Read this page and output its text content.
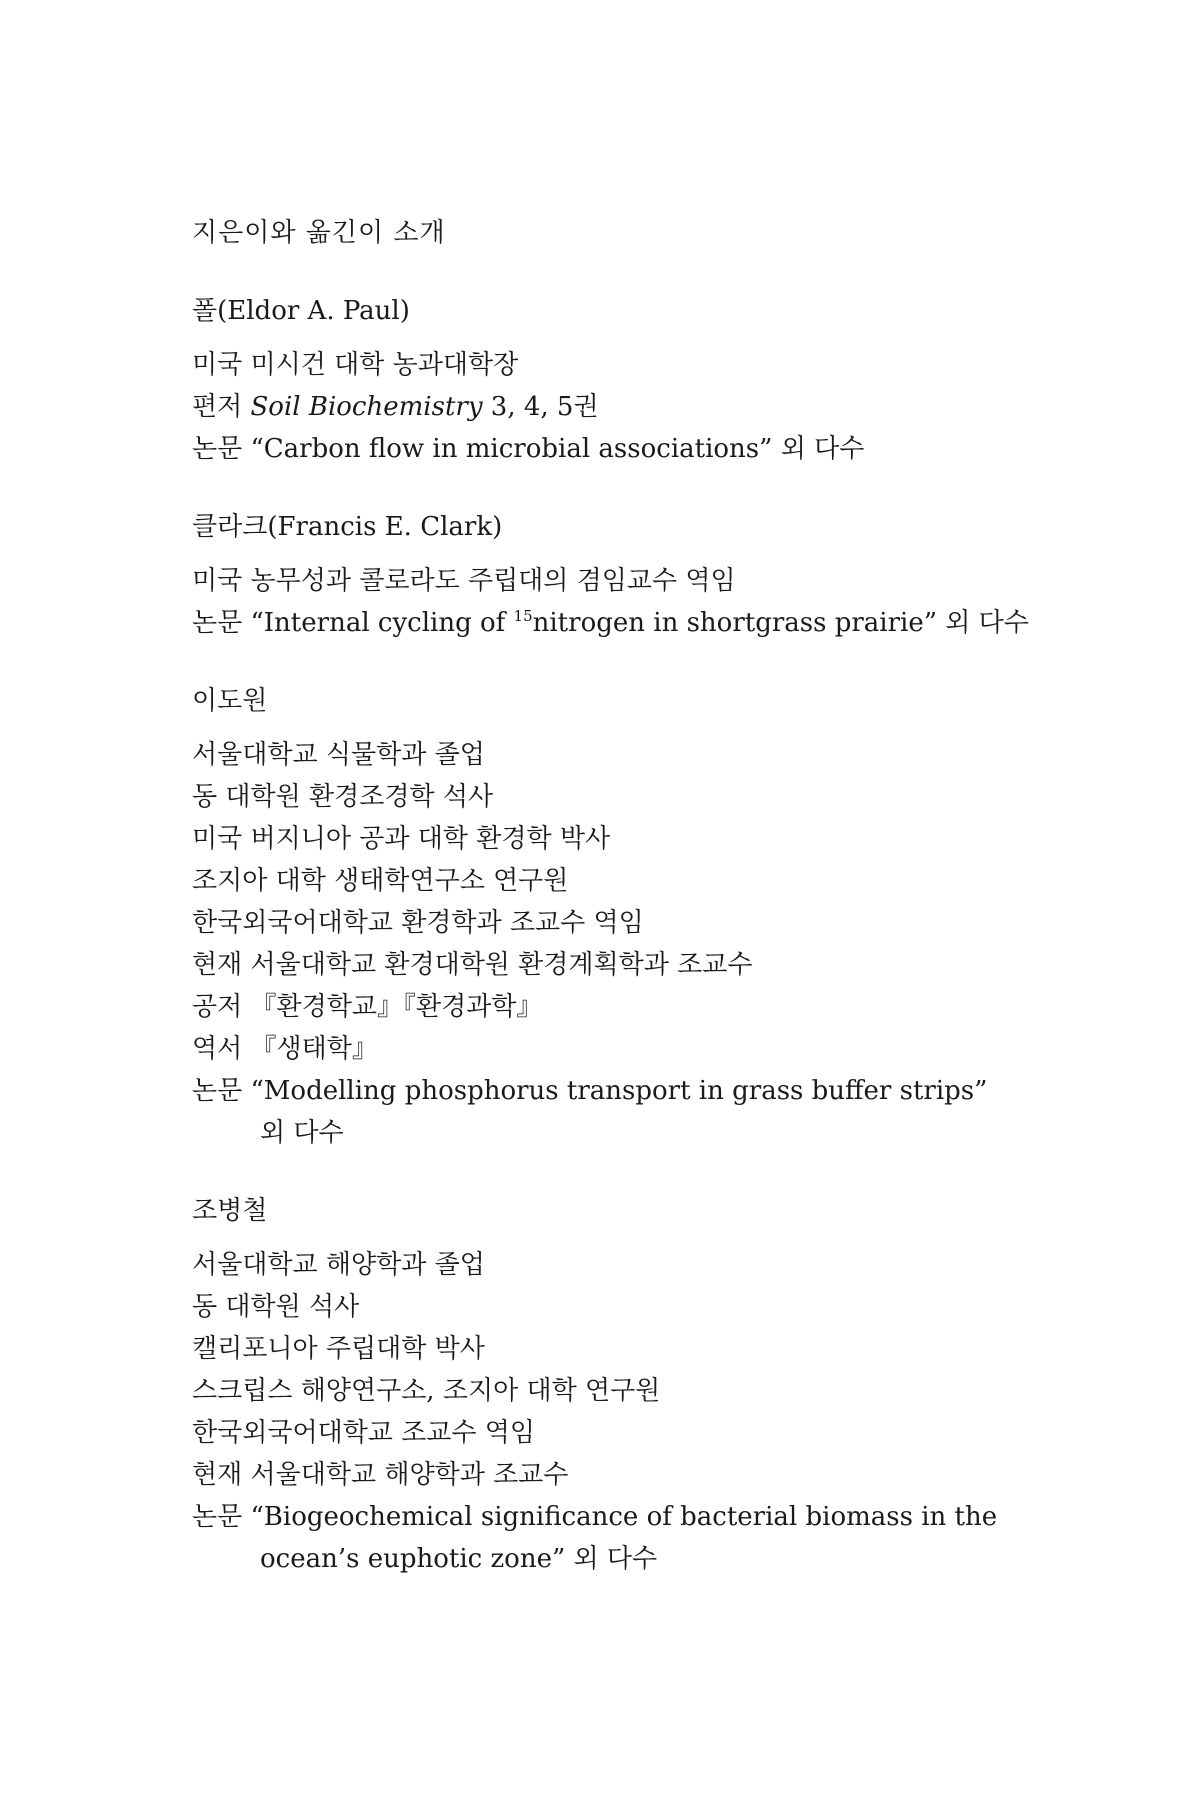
지은이와 옮긴이 소개

폴(Eldor A. Paul)

미국 미시건 대학 농과대학장

편저 Soil Biochemistry 3, 4, 5권

논문 “Carbon flow in microbial associations” 외 다수

클라크(Francis E. Clark)

미국 농무성과 콜로라도 주립대의 겸임교수 역임

논문 “Internal cycling of $^{15}$nitrogen in shortgrass prairie” 외 다수

이도원

서울대학교 식물학과 졸업

동 대학원 환경조경학 석사

미국 버지니아 공과 대학 환경학 박사

조지아 대학 생태학연구소 연구원

한국외국어대학교 환경학과 조교수 역임

현재 서울대학교 환경대학원 환경계획학과 조교수

공저 『환경학교』『환경과학』

역서 『생태학』

논문 “Modelling phosphorus transport in grass buffer strips”

외 다수

조병철

서울대학교 해양학과 졸업

동 대학원 석사

캘리포니아 주립대학 박사

스크립스 해양연구소, 조지아 대학 연구원

한국외국어대학교 조교수 역임

현재 서울대학교 해양학과 조교수

논문 “Biogeochemical significance of bacterial biomass in the

ocean’s euphotic zone” 외 다수
